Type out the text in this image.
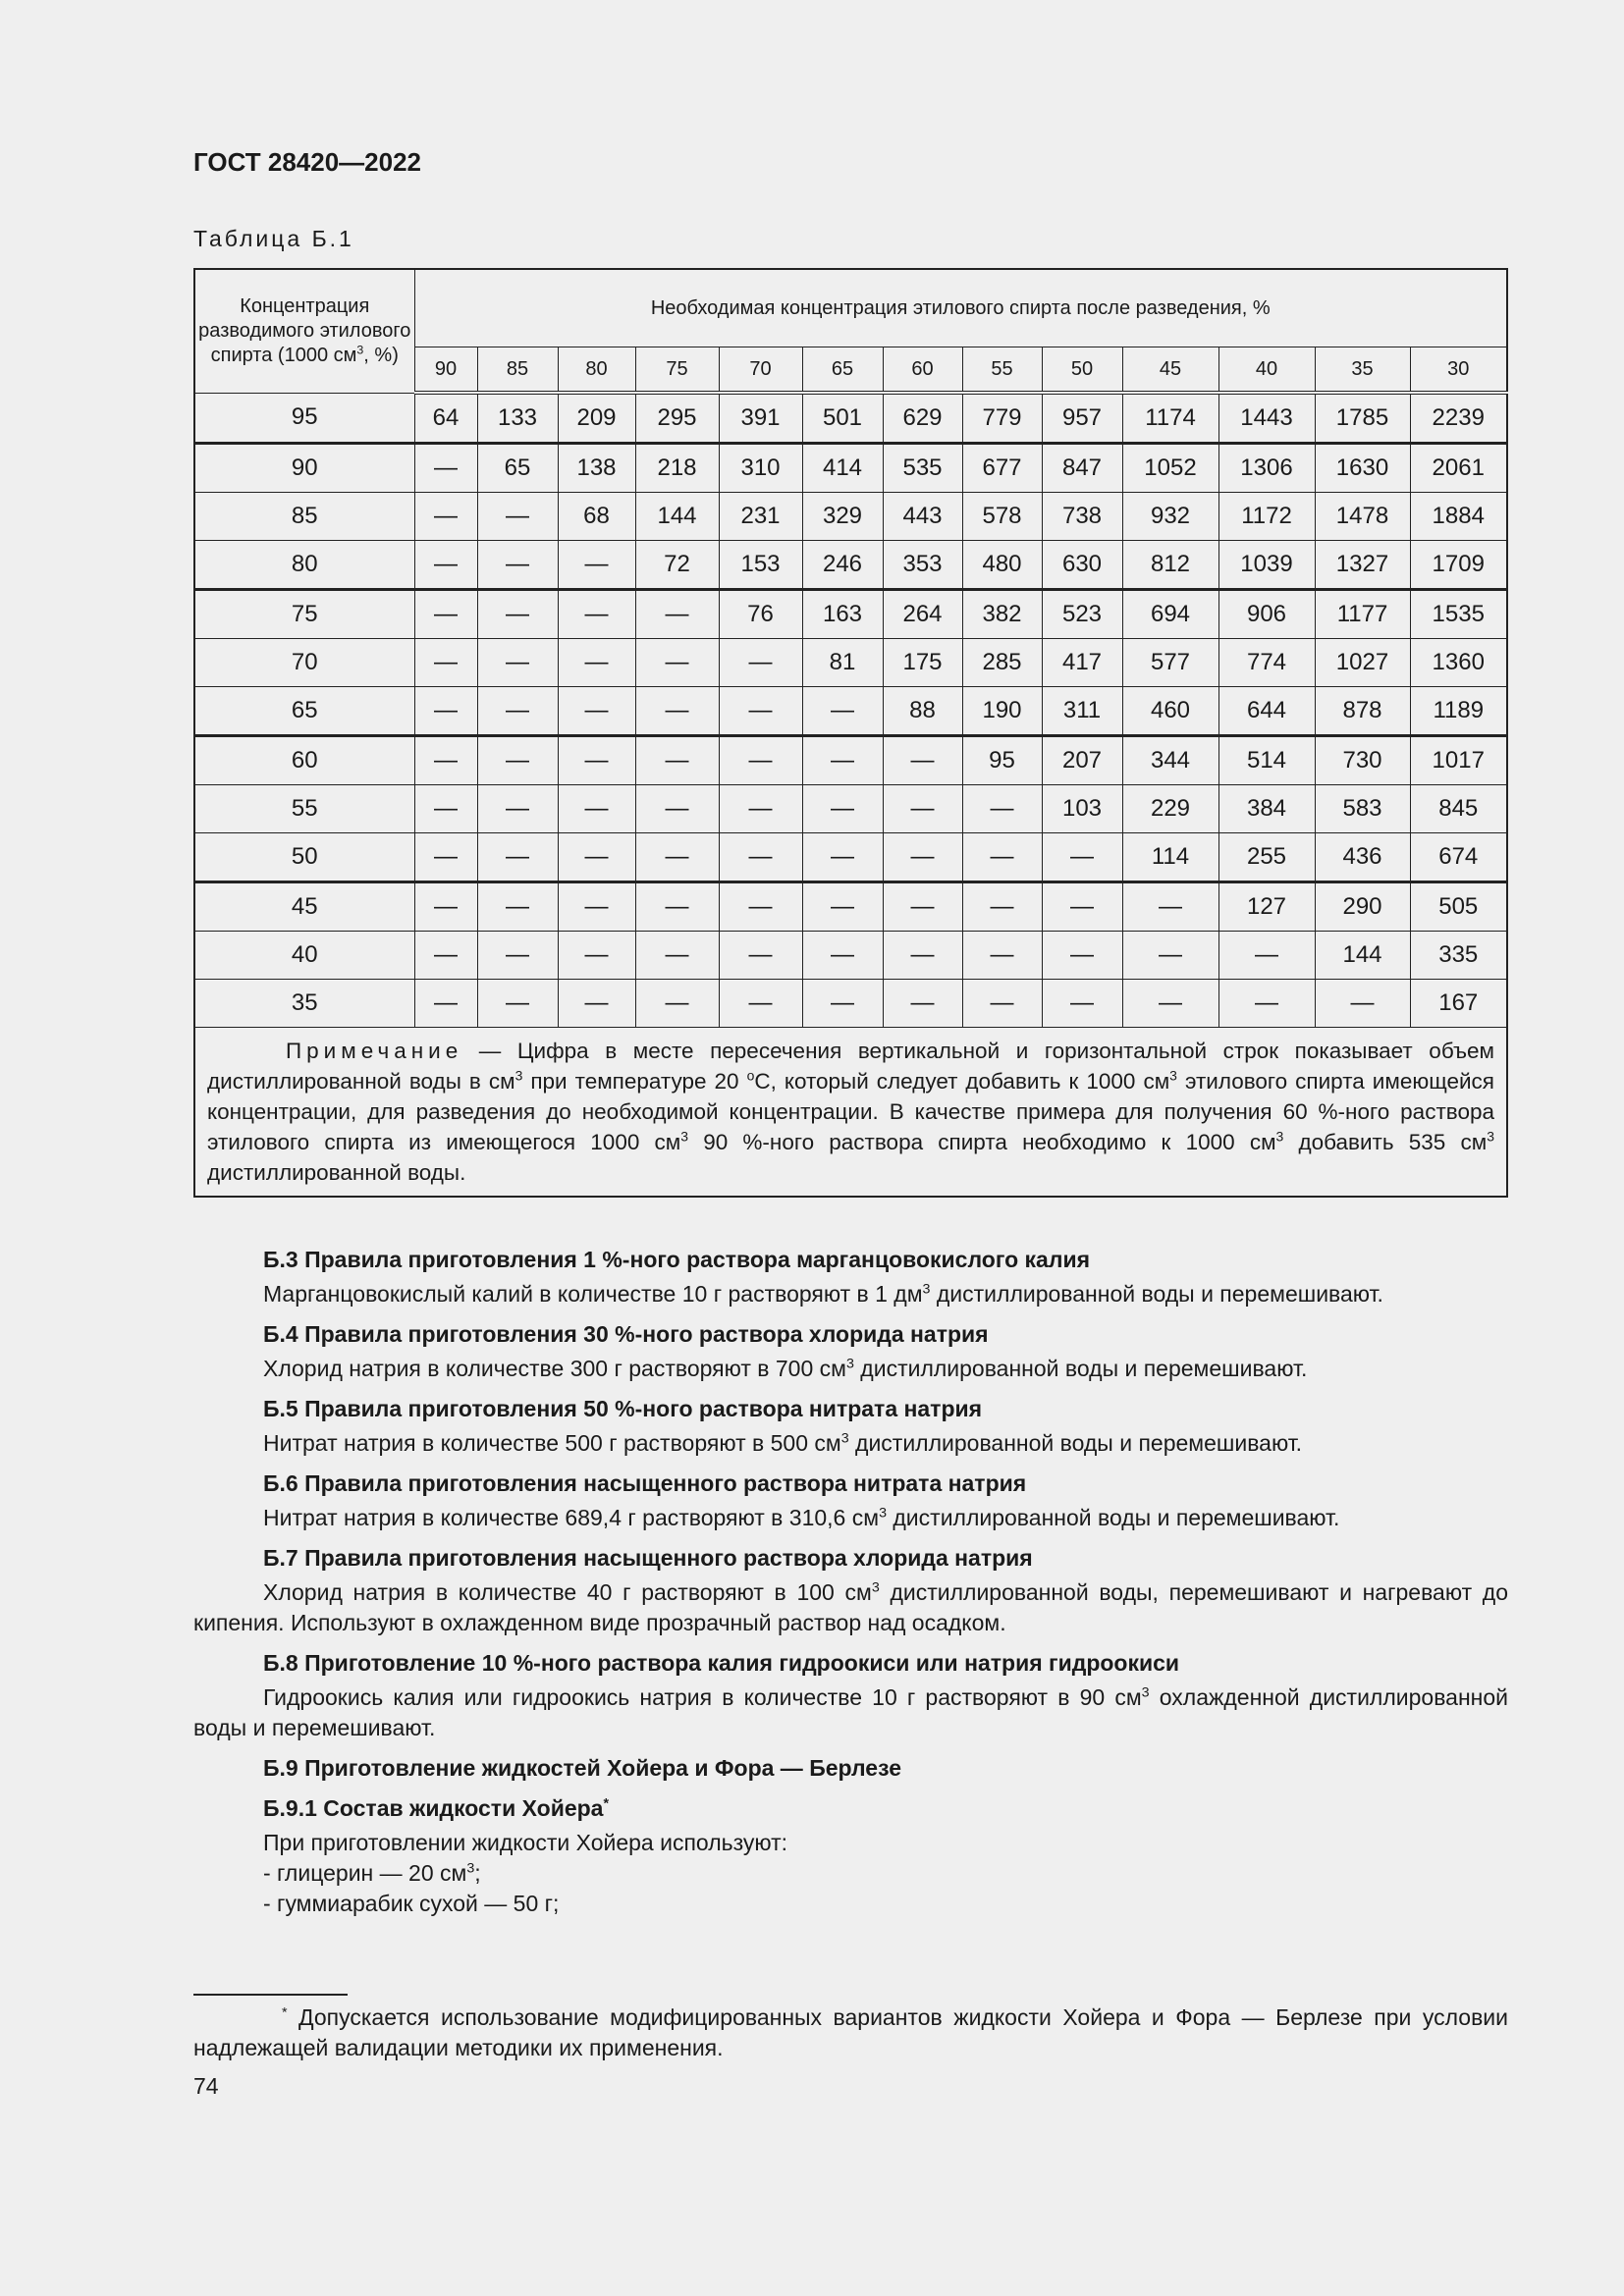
ГОСТ 28420—2022
Таблица Б.1
Концентрация разводимого этилового спирта (1000 $см^3$, %)	Необходимая концентрация этилового спирта после разведения, %												
	90	85	80	75	70	65	60	55	50	45	40	35	30
95	64	133	209	295	391	501	629	779	957	1174	1443	1785	2239
90	—	65	138	218	310	414	535	677	847	1052	1306	1630	2061
85	—	—	68	144	231	329	443	578	738	932	1172	1478	1884
80	—	—	—	72	153	246	353	480	630	812	1039	1327	1709
75	—	—	—	—	76	163	264	382	523	694	906	1177	1535
70	—	—	—	—	—	81	175	285	417	577	774	1027	1360
65	—	—	—	—	—	—	88	190	311	460	644	878	1189
60	—	—	—	—	—	—	—	95	207	344	514	730	1017
55	—	—	—	—	—	—	—	—	103	229	384	583	845
50	—	—	—	—	—	—	—	—	—	114	255	436	674
45	—	—	—	—	—	—	—	—	—	—	127	290	505
40	—	—	—	—	—	—	—	—	—	—	—	144	335
35	—	—	—	—	—	—	—	—	—	—	—	—	167
Примечание — Цифра в месте пересечения вертикальной и горизонтальной строк показывает объем дистиллированной воды в $см^3$ при температуре 20 $^o$С, который следует добавить к 1000 $см^3$ этилового спирта имеющейся концентрации, для разведения до необходимой концентрации. В качестве примера для получения 60 %-ного раствора этилового спирта из имеющегося 1000 $см^3$ 90 %-ного раствора спирта необходимо к 1000 $см^3$ добавить 535 $см^3$ дистиллированной воды.													
Б.3 Правила приготовления 1 %-ного раствора марганцовокислого калия
Марганцовокислый калий в количестве 10 г растворяют в 1 $дм^3$ дистиллированной воды и перемешивают.
Б.4 Правила приготовления 30 %-ного раствора хлорида натрия
Хлорид натрия в количестве 300 г растворяют в 700 $см^3$ дистиллированной воды и перемешивают.
Б.5 Правила приготовления 50 %-ного раствора нитрата натрия
Нитрат натрия в количестве 500 г растворяют в 500 $см^3$ дистиллированной воды и перемешивают.
Б.6 Правила приготовления насыщенного раствора нитрата натрия
Нитрат натрия в количестве 689,4 г растворяют в 310,6 $см^3$ дистиллированной воды и перемешивают.
Б.7 Правила приготовления насыщенного раствора хлорида натрия
Хлорид натрия в количестве 40 г растворяют в 100 $см^3$ дистиллированной воды, перемешивают и нагревают до кипения. Используют в охлажденном виде прозрачный раствор над осадком.
Б.8 Приготовление 10 %-ного раствора калия гидроокиси или натрия гидроокиси
Гидроокись калия или гидроокись натрия в количестве 10 г растворяют в 90 $см^3$ охлажденной дистиллированной воды и перемешивают.
Б.9 Приготовление жидкостей Хойера и Фора — Берлезе
Б.9.1 Состав жидкости Хойера*
При приготовлении жидкости Хойера используют:
- глицерин — 20 $см^3$;
- гуммиарабик сухой — 50 г;
* Допускается использование модифицированных вариантов жидкости Хойера и Фора — Берлезе при условии надлежащей валидации методики их применения.
74
